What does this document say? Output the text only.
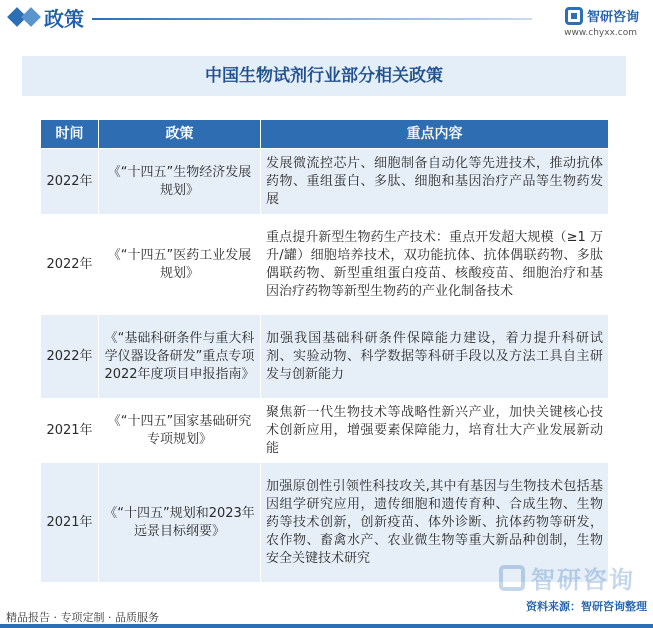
政策	智研咨询
www.chyxx.com
中国生物试剂行业部分相关政策
时间	政策	重点内容
2022年	《“十四五”生物经济发展规划》	发展微流控芯片、细胞制备自动化等先进技术，推动抗体药物、重组蛋白、多肽、细胞和基因治疗产品等生物药发展
2022年	《“十四五”医药工业发展规划》	重点提升新型生物药生产技术：重点开发超大规模（≥1 万升/罐）细胞培养技术，双功能抗体、抗体偶联药物、多肽偶联药物、新型重组蛋白疫苗、核酸疫苗、细胞治疗和基因治疗药物等新型生物药的产业化制备技术
2022年	《“基础科研条件与重大科学仪器设备研发”重点专项2022年度项目申报指南》	加强我国基础科研条件保障能力建设，着力提升科研试剂、实验动物、科学数据等科研手段以及方法工具自主研发与创新能力
2021年	《“十四五”国家基础研究专项规划》	聚焦新一代生物技术等战略性新兴产业，加快关键核心技术创新应用，增强要素保障能力，培育壮大产业发展新动能
2021年	《“十四五”规划和2023年远景目标纲要》	加强原创性引领性科技攻关,其中有基因与生物技术包括基因组学研究应用，遗传细胞和遗传育种、合成生物、生物药等技术创新，创新疫苗、体外诊断、抗体药物等研发，农作物、畜禽水产、农业微生物等重大新品种创制，生物安全关键技术研究
智研咨询
精品报告 · 专项定制 · 品质服务
资料来源：智研咨询整理
